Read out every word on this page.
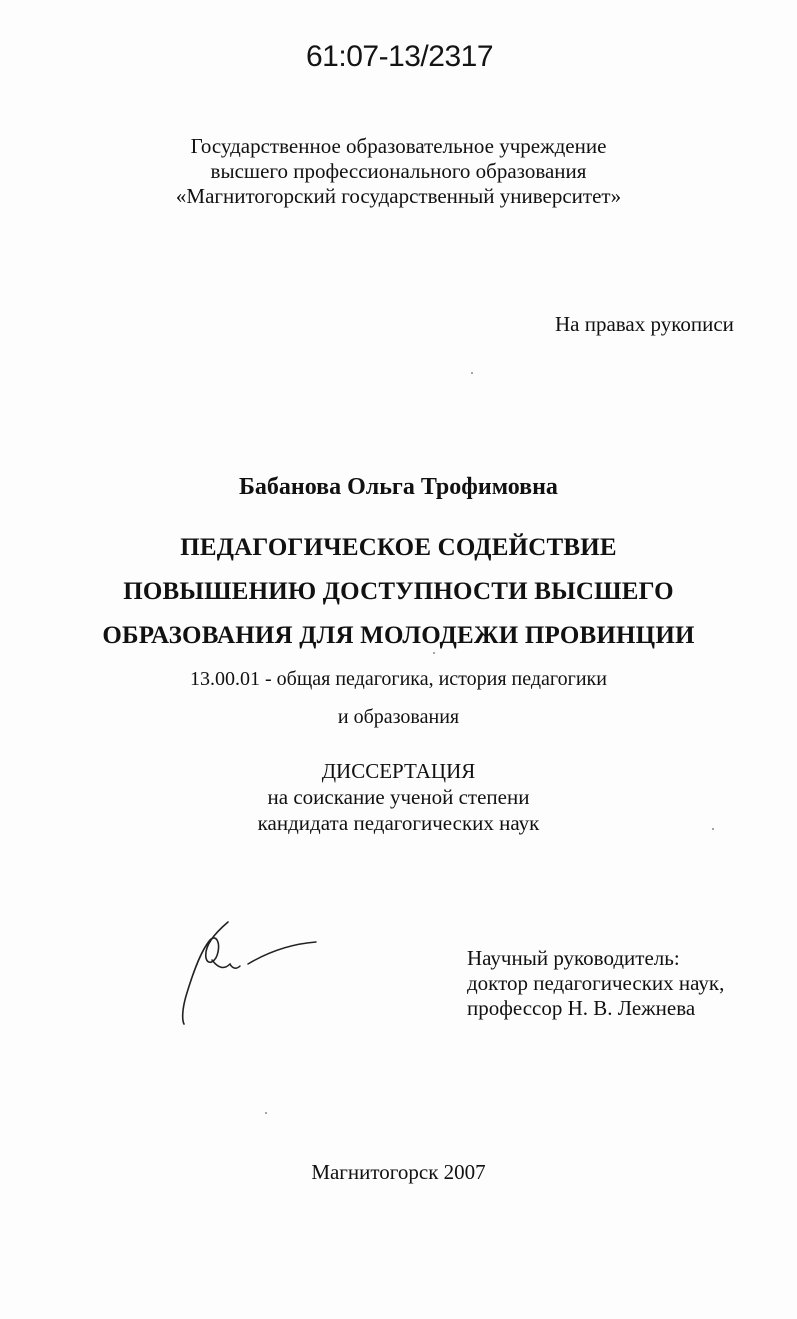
61:07-13/2317
Государственное образовательное учреждение
высшего профессионального образования
«Магнитогорский государственный университет»
На правах рукописи
Бабанова Ольга Трофимовна
ПЕДАГОГИЧЕСКОЕ СОДЕЙСТВИЕ
ПОВЫШЕНИЮ ДОСТУПНОСТИ ВЫСШЕГО
ОБРАЗОВАНИЯ ДЛЯ МОЛОДЕЖИ ПРОВИНЦИИ
13.00.01 - общая педагогика, история педагогики
и образования
ДИССЕРТАЦИЯ
на соискание ученой степени
кандидата педагогических наук
Научный руководитель:
доктор педагогических наук,
профессор Н. В. Лежнева
Магнитогорск 2007
